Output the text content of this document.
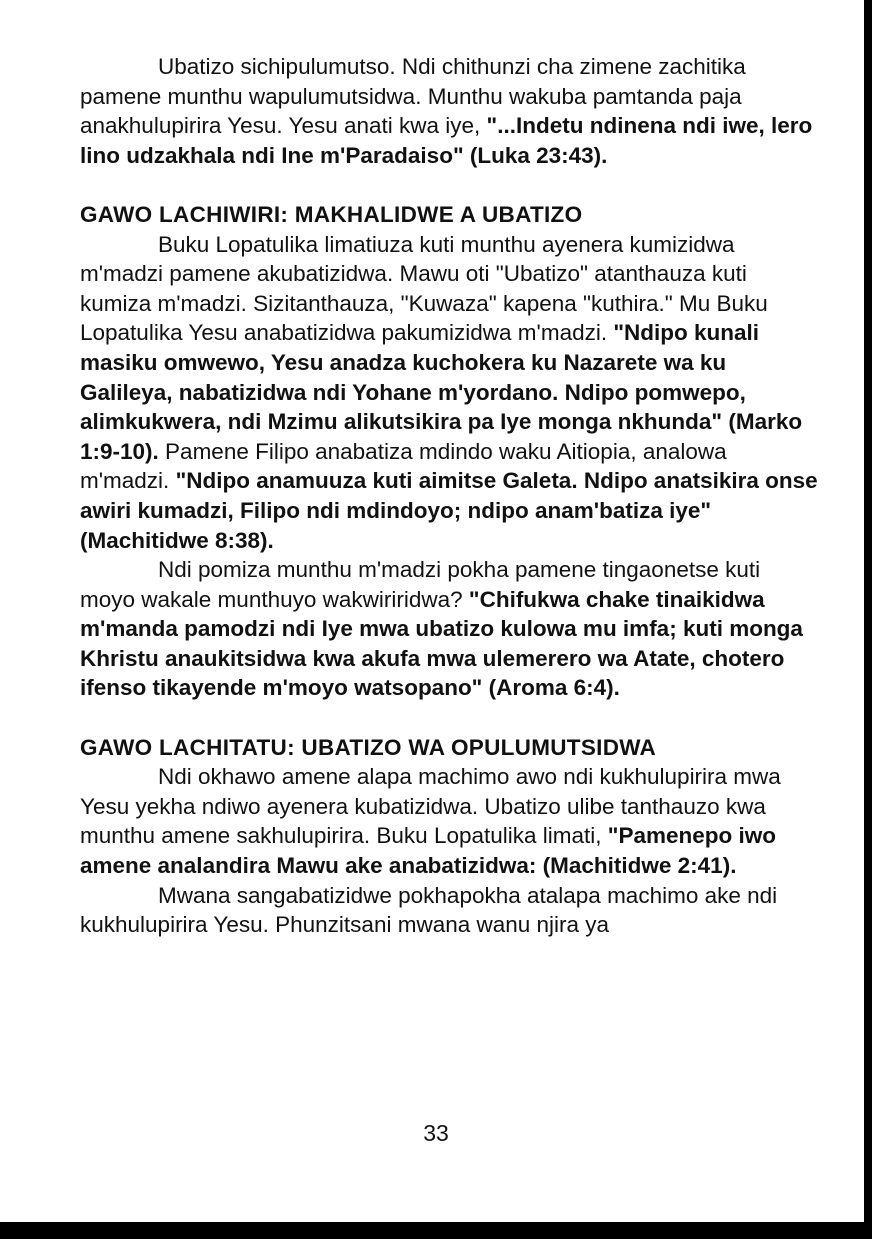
Ubatizo sichipulumutso. Ndi chithunzi cha zimene zachitika pamene munthu wapulumutsidwa. Munthu wakuba pamtanda paja anakhulupirira Yesu. Yesu anati kwa iye, "...Indetu ndinena ndi iwe, lero lino udzakhala ndi Ine m'Paradaiso" (Luka 23:43).

GAWO LACHIWIRI: MAKHALIDWE A UBATIZO

Buku Lopatulika limatiuza kuti munthu ayenera kumizidwa m'madzi pamene akubatizidwa. Mawu oti "Ubatizo" atanthauza kuti kumiza m'madzi. Sizitanthauza, "Kuwaza" kapena "kuthira." Mu Buku Lopatulika Yesu anabatizidwa pakumizidwa m'madzi. "Ndipo kunali masiku omwewo, Yesu anadza kuchokera ku Nazarete wa ku Galileya, nabatizidwa ndi Yohane m'yordano. Ndipo pomwepo, alimkukwera, ndi Mzimu alikutsikira pa Iye monga nkhunda" (Marko 1:9-10). Pamene Filipo anabatiza mdindo waku Aitiopia, analowa m'madzi. "Ndipo anamuuza kuti aimitse Galeta. Ndipo anatsikira onse awiri kumadzi, Filipo ndi mdindoyo; ndipo anam'batiza iye" (Machitidwe 8:38).

Ndi pomiza munthu m'madzi pokha pamene tingaonetse kuti moyo wakale munthuyo wakwiriridwa? "Chifukwa chake tinaikidwa m'manda pamodzi ndi Iye mwa ubatizo kulowa mu imfa; kuti monga Khristu anaukitsidwa kwa akufa mwa ulemerero wa Atate, chotero ifenso tikayende m'moyo watsopano" (Aroma 6:4).

GAWO LACHITATU: UBATIZO WA OPULUMUTSIDWA

Ndi okhawo amene alapa machimo awo ndi kukhulupirira mwa Yesu yekha ndiwo ayenera kubatizidwa. Ubatizo ulibe tanthauzo kwa munthu amene sakhulupirira. Buku Lopatulika limati, "Pamenepo iwo amene analandira Mawu ake anabatizidwa: (Machitidwe 2:41).

Mwana sangabatizidwe pokhapokha atalapa machimo ake ndi kukhulupirira Yesu. Phunzitsani mwana wanu njira ya

33
